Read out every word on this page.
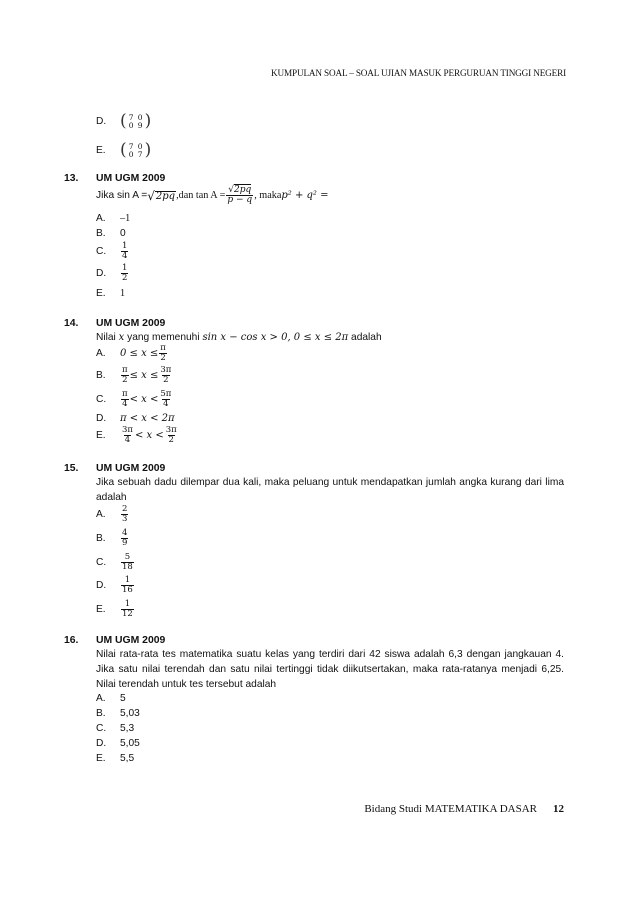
KUMPULAN SOAL – SOAL UJIAN MASUK PERGURUAN TINGGI NEGERI
D. ( 7 0
0 9 )
E. ( 7 0
0 7 )
13. UM UGM 2009
Jika sin A = √ 2pq ,dan $\tan A = \frac{√2pq}{p - q}$ , maka p² + q² =
A.	–1
B.	0
C.	$\frac{1}{4}$
D.	$\frac{1}{2}$
E.	1
14. UM UGM 2009
Nilai x yang memenuhi sin x − cos x > 0, 0 ≤ x ≤ 2π adalah
A.	$0 \le x \le \frac{\pi}{2}$
B.	$\frac{\pi}{2} \le x \le \frac{3\pi}{2}$
C.	$\frac{\pi}{4} < x < \frac{5\pi}{4}$
D.	π < x < 2π
E.	$\frac{3\pi}{4} < x < \frac{3\pi}{2}$
15. UM UGM 2009
Jika sebuah dadu dilempar dua kali, maka peluang untuk mendapatkan jumlah angka kurang dari lima adalah
A.	$\frac{2}{3}$
B.	$\frac{4}{9}$
C.	$\frac{5}{18}$
D.	$\frac{1}{16}$
E.	$\frac{1}{12}$
16. UM UGM 2009
Nilai rata-rata tes matematika suatu kelas yang terdiri dari 42 siswa adalah 6,3 dengan jangkauan 4. Jika satu nilai terendah dan satu nilai tertinggi tidak diikutsertakan, maka rata-ratanya menjadi 6,25. Nilai terendah untuk tes tersebut adalah
A.	5
B.	5,03
C.	5,3
D.	5,05
E.	5,5
Bidang Studi MATEMATIKA DASAR 12
